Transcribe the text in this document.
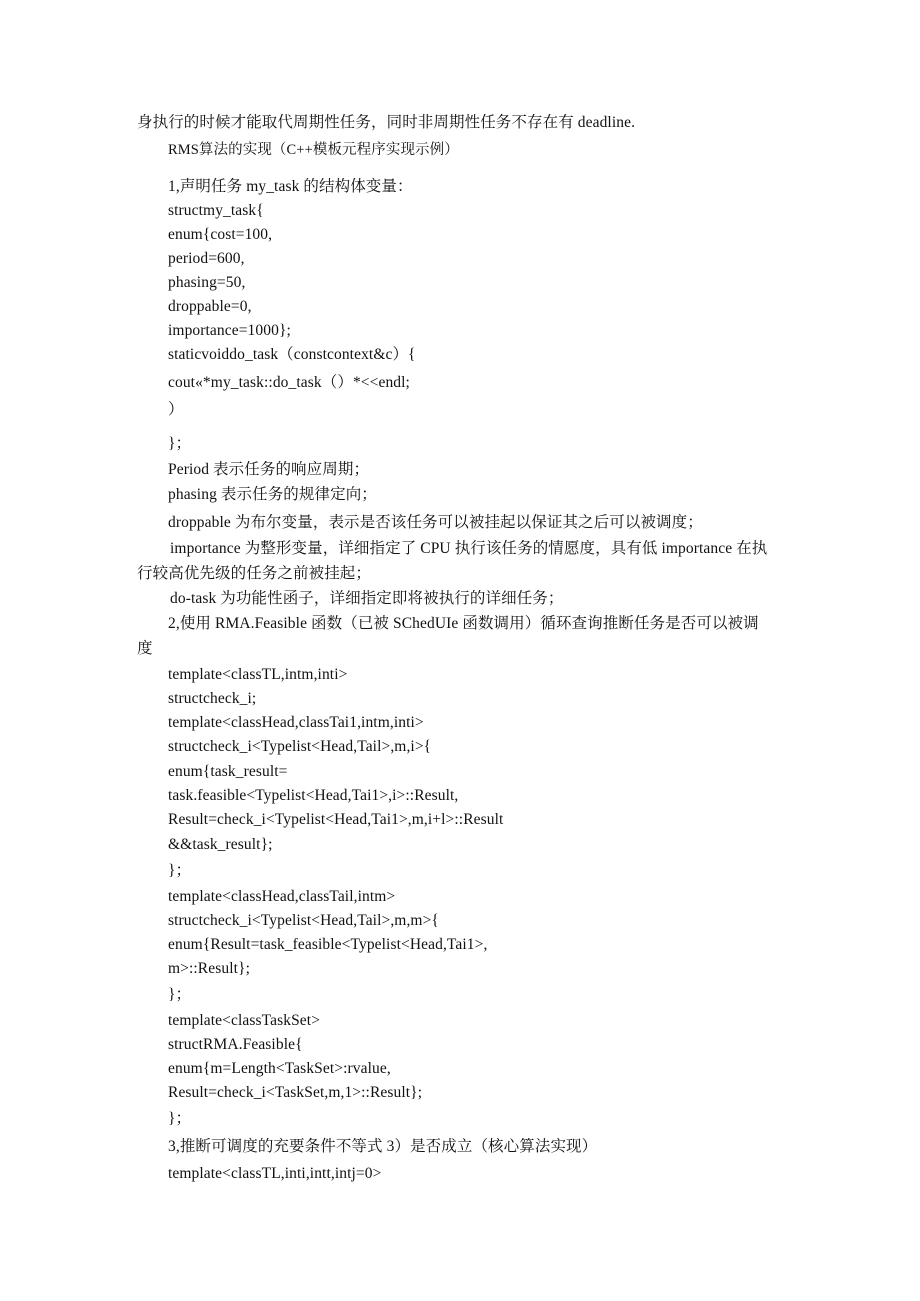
身执行的时候才能取代周期性任务，同时非周期性任务不存在有 deadline.
RMS算法的实现（C++模板元程序实现示例）
1,声明任务 my_task 的结构体变量：
structmy_task{
enum{cost=100,
period=600,
phasing=50,
droppable=0,
importance=1000};
staticvoiddo_task（constcontext&c）{
cout«*my_task::do_task（）*<<endl;
）
}；
Period 表示任务的响应周期；
phasing 表示任务的规律定向；
droppable 为布尔变量，表示是否该任务可以被挂起以保证其之后可以被调度；
importance 为整形变量，详细指定了 CPU 执行该任务的情愿度，具有低 importance 在执
行较高优先级的任务之前被挂起；
do-task 为功能性函子，详细指定即将被执行的详细任务；
2,使用 RMA.Feasible 函数（已被 SChedUIe 函数调用）循环查询推断任务是否可以被调
度
template<classTL,intm,inti>
structcheck_i;
template<classHead,classTai1,intm,inti>
structcheck_i<Typelist<Head,Tail>,m,i>{
enum{task_result=
task.feasible<Typelist<Head,Tai1>,i>::Result,
Result=check_i<Typelist<Head,Tai1>,m,i+l>::Result
&&task_result};
}；
template<classHead,classTail,intm>
structcheck_i<Typelist<Head,Tail>,m,m>{
enum{Result=task_feasible<Typelist<Head,Tai1>,
m>::Result};
}；
template<classTaskSet>
structRMA.Feasible{
enum{m=Length<TaskSet>:rvalue,
Result=check_i<TaskSet,m,1>::Result};
}；
3,推断可调度的充要条件不等式 3）是否成立（核心算法实现）
template<classTL,inti,intt,intj=0>
